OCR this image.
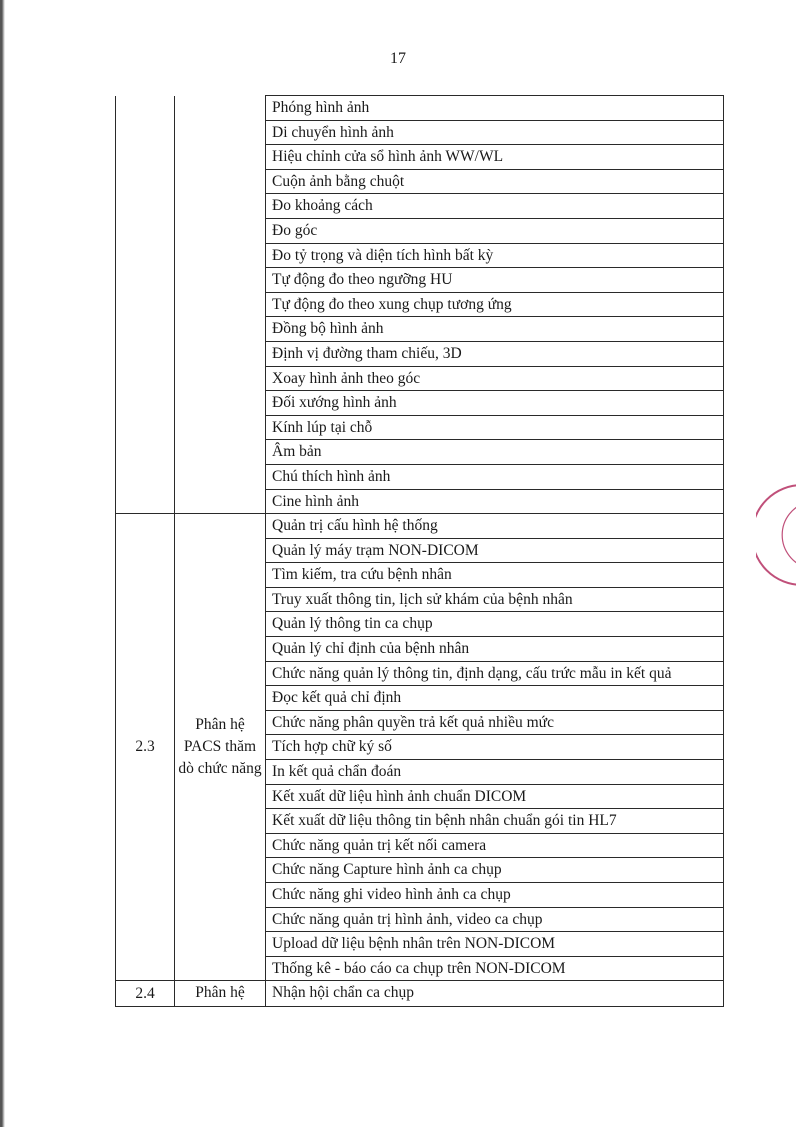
17
		Phóng hình ảnh
		Di chuyển hình ảnh
		Hiệu chỉnh cửa sổ hình ảnh WW/WL
		Cuộn ảnh bằng chuột
		Đo khoảng cách
		Đo góc
		Đo tỷ trọng và diện tích hình bất kỳ
		Tự động đo theo ngưỡng HU
		Tự động đo theo xung chụp tương ứng
		Đồng bộ hình ảnh
		Định vị đường tham chiếu, 3D
		Xoay hình ảnh theo góc
		Đối xướng hình ảnh
		Kính lúp tại chỗ
		Âm bản
		Chú thích hình ảnh
		Cine hình ảnh
2.3	Phân hệ PACS thăm dò chức năng	Quản trị cấu hình hệ thống
		Quản lý máy trạm NON-DICOM
		Tìm kiếm, tra cứu bệnh nhân
		Truy xuất thông tin, lịch sử khám của bệnh nhân
		Quản lý thông tin ca chụp
		Quản lý chỉ định của bệnh nhân
		Chức năng quản lý thông tin, định dạng, cấu trức mẫu in kết quả
		Đọc kết quả chỉ định
		Chức năng phân quyền trả kết quả nhiều mức
		Tích hợp chữ ký số
		In kết quả chẩn đoán
		Kết xuất dữ liệu hình ảnh chuẩn DICOM
		Kết xuất dữ liệu thông tin bệnh nhân chuẩn gói tin HL7
		Chức năng quản trị kết nối camera
		Chức năng Capture hình ảnh ca chụp
		Chức năng ghi video hình ảnh ca chụp
		Chức năng quản trị hình ảnh, video ca chụp
		Upload dữ liệu bệnh nhân trên NON-DICOM
		Thống kê - báo cáo ca chụp trên NON-DICOM
2.4	Phân hệ	Nhận hội chẩn ca chụp
